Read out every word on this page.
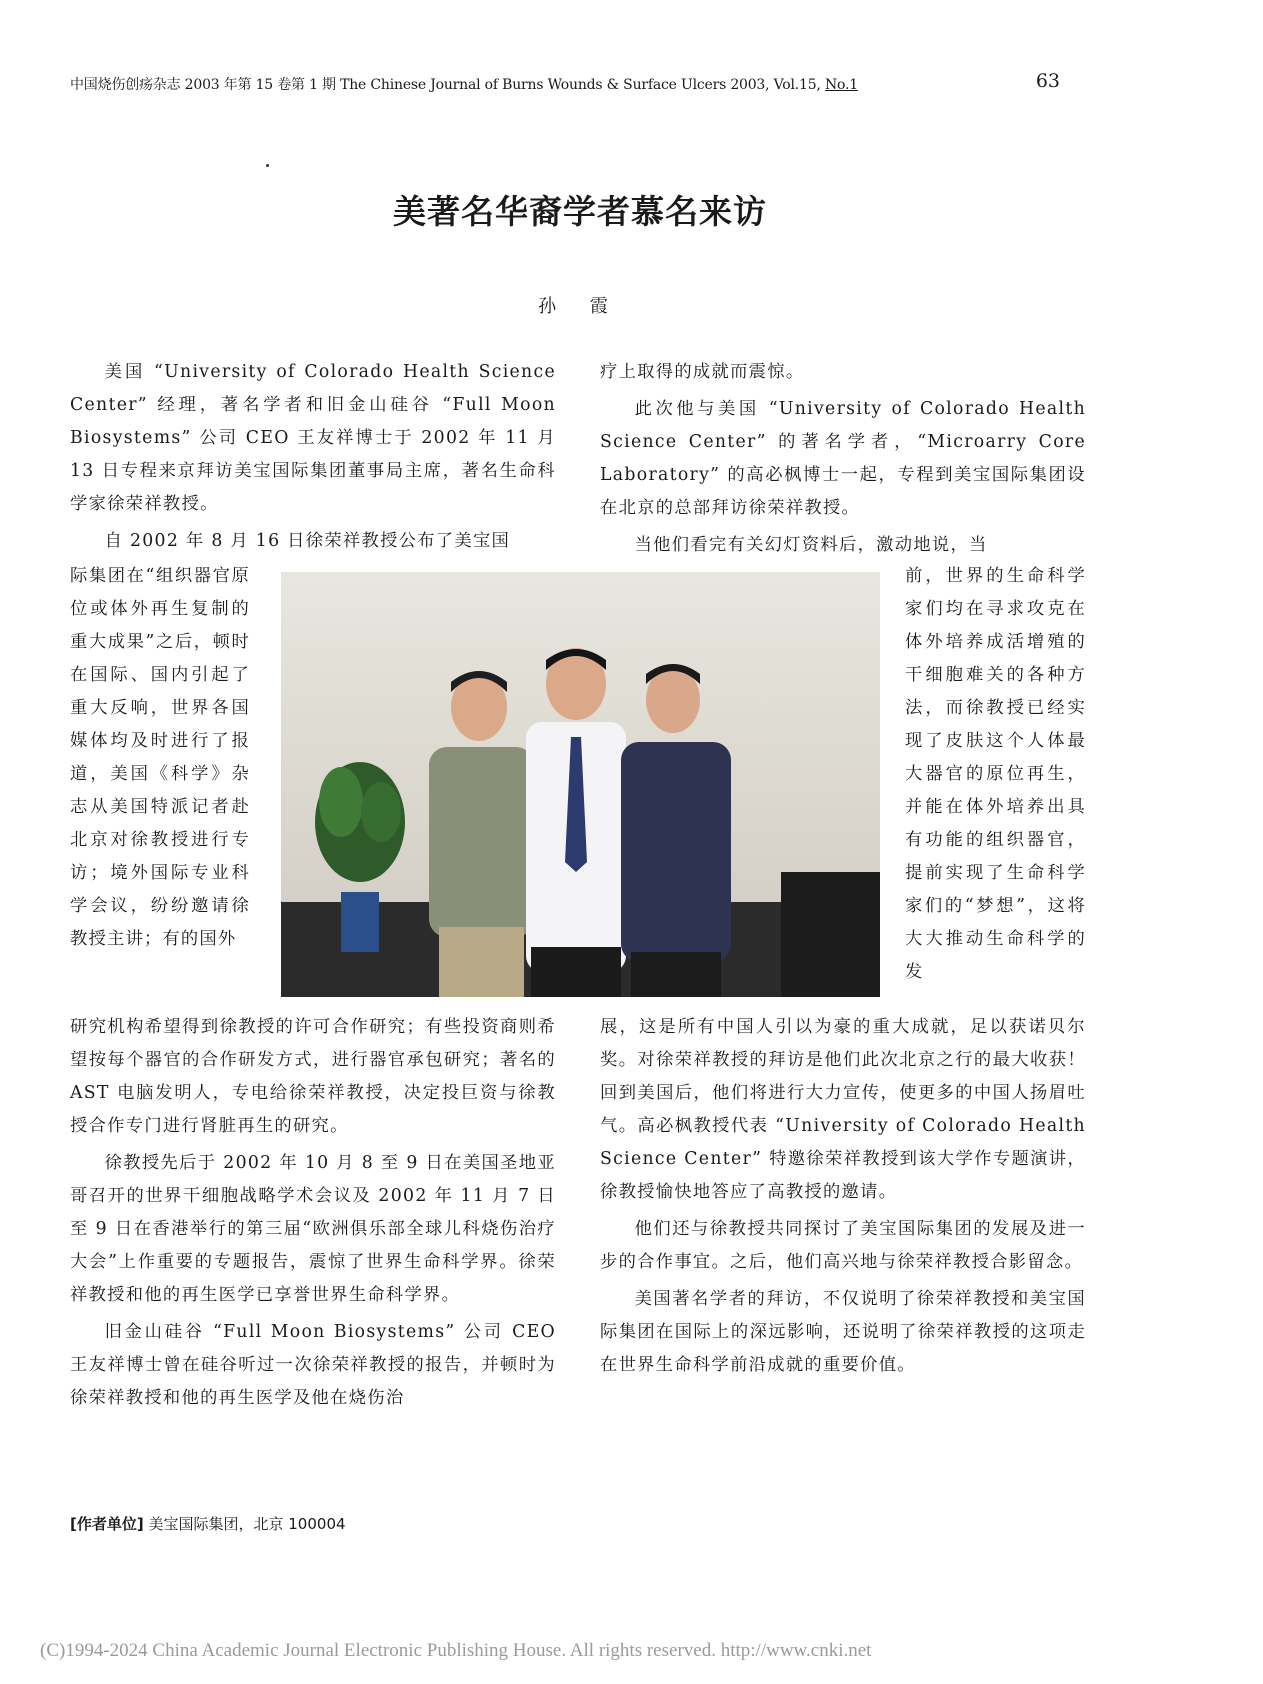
中国烧伤创疡杂志 2003 年第 15 卷第 1 期 The Chinese Journal of Burns Wounds & Surface Ulcers 2003, Vol.15, No.1	63
美著名华裔学者慕名来访
孙 霞

美国 “University of Colorado Health Science Center” 经理，著名学者和旧金山硅谷 “Full Moon Biosystems” 公司 CEO 王友祥博士于 2002 年 11 月 13 日专程来京拜访美宝国际集团董事局主席，著名生命科学家徐荣祥教授。

自 2002 年 8 月 16 日徐荣祥教授公布了美宝国

疗上取得的成就而震惊。

此次他与美国 “University of Colorado Health Science Center” 的著名学者，“Microarry Core Laboratory” 的高必枫博士一起，专程到美宝国际集团设在北京的总部拜访徐荣祥教授。

当他们看完有关幻灯资料后，激动地说，当

际集团在“组织器官原位或体外再生复制的重大成果”之后，顿时在国际、国内引起了重大反响，世界各国媒体均及时进行了报道，美国《科学》杂志从美国特派记者赴北京对徐教授进行专访；境外国际专业科学会议，纷纷邀请徐教授主讲；有的国外

前，世界的生命科学家们均在寻求攻克在体外培养成活增殖的干细胞难关的各种方法，而徐教授已经实现了皮肤这个人体最大器官的原位再生，并能在体外培养出具有功能的组织器官，提前实现了生命科学家们的“梦想”，这将大大推动生命科学的发

研究机构希望得到徐教授的许可合作研究；有些投资商则希望按每个器官的合作研发方式，进行器官承包研究；著名的 AST 电脑发明人，专电给徐荣祥教授，决定投巨资与徐教授合作专门进行肾脏再生的研究。

徐教授先后于 2002 年 10 月 8 至 9 日在美国圣地亚哥召开的世界干细胞战略学术会议及 2002 年 11 月 7 日至 9 日在香港举行的第三届“欧洲俱乐部全球儿科烧伤治疗大会”上作重要的专题报告，震惊了世界生命科学界。徐荣祥教授和他的再生医学已享誉世界生命科学界。

旧金山硅谷 “Full Moon Biosystems” 公司 CEO 王友祥博士曾在硅谷听过一次徐荣祥教授的报告，并顿时为徐荣祥教授和他的再生医学及他在烧伤治

展，这是所有中国人引以为豪的重大成就，足以获诺贝尔奖。对徐荣祥教授的拜访是他们此次北京之行的最大收获！回到美国后，他们将进行大力宣传，使更多的中国人扬眉吐气。高必枫教授代表 “University of Colorado Health Science Center” 特邀徐荣祥教授到该大学作专题演讲，徐教授愉快地答应了高教授的邀请。

他们还与徐教授共同探讨了美宝国际集团的发展及进一步的合作事宜。之后，他们高兴地与徐荣祥教授合影留念。

美国著名学者的拜访，不仅说明了徐荣祥教授和美宝国际集团在国际上的深远影响，还说明了徐荣祥教授的这项走在世界生命科学前沿成就的重要价值。

[作者单位] 美宝国际集团，北京 100004
(C)1994-2024 China Academic Journal Electronic Publishing House. All rights reserved. http://www.cnki.net
